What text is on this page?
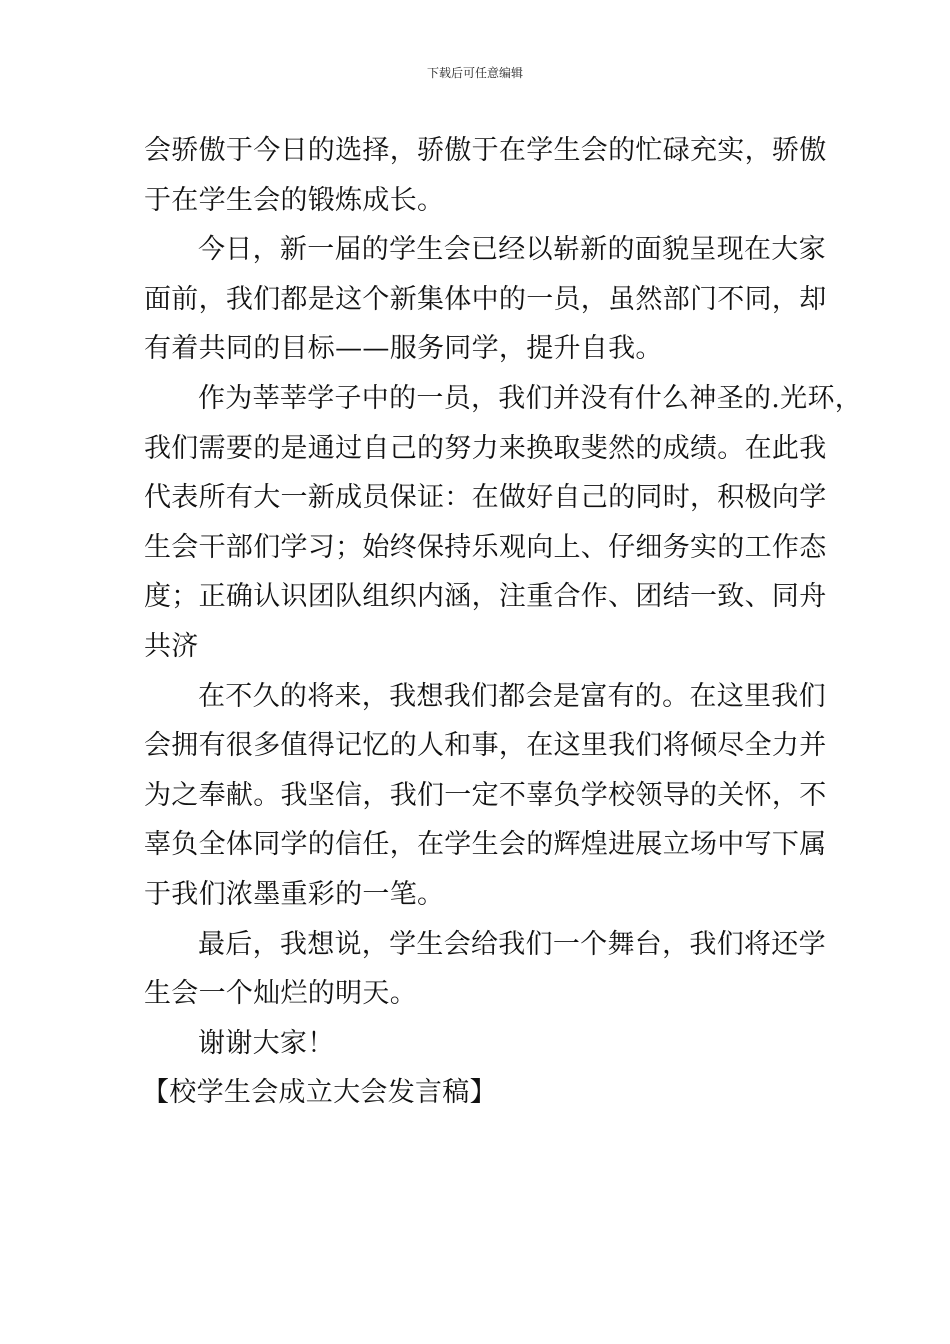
下载后可任意编辑
会骄傲于今日的选择，骄傲于在学生会的忙碌充实，骄傲
于在学生会的锻炼成长。
今日，新一届的学生会已经以崭新的面貌呈现在大家
面前，我们都是这个新集体中的一员，虽然部门不同，却
有着共同的目标——服务同学，提升自我。
作为莘莘学子中的一员，我们并没有什么神圣的.光环，
我们需要的是通过自己的努力来换取斐然的成绩。在此我
代表所有大一新成员保证：在做好自己的同时，积极向学
生会干部们学习；始终保持乐观向上、仔细务实的工作态
度；正确认识团队组织内涵，注重合作、团结一致、同舟
共济
在不久的将来，我想我们都会是富有的。在这里我们
会拥有很多值得记忆的人和事，在这里我们将倾尽全力并
为之奉献。我坚信，我们一定不辜负学校领导的关怀，不
辜负全体同学的信任，在学生会的辉煌进展立场中写下属
于我们浓墨重彩的一笔。
最后，我想说，学生会给我们一个舞台，我们将还学
生会一个灿烂的明天。
谢谢大家！
【校学生会成立大会发言稿】
